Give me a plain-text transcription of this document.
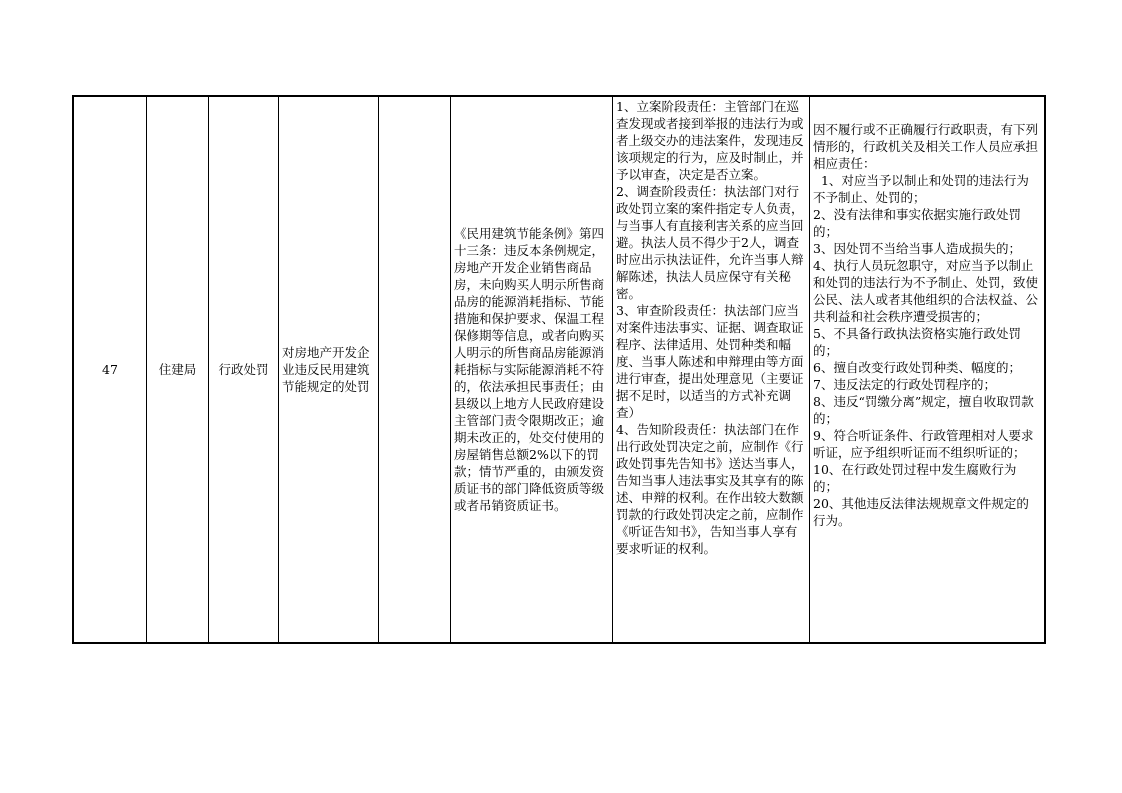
47	住建局 行政处罚
对房地产开发企业违反民用建筑节能规定的处罚
《民用建筑节能条例》第四十三条：违反本条例规定，房地产开发企业销售商品房，未向购买人明示所售商品房的能源消耗指标、节能措施和保护要求、保温工程保修期等信息，或者向购买人明示的所售商品房能源消耗指标与实际能源消耗不符的，依法承担民事责任；由县级以上地方人民政府建设主管部门责令限期改正；逾期未改正的，处交付使用的房屋销售总额2%以下的罚款；情节严重的，由颁发资质证书的部门降低资质等级或者吊销资质证书。
1、立案阶段责任：主管部门在巡查发现或者接到举报的违法行为或者上级交办的违法案件，发现违反该项规定的行为，应及时制止，并予以审查，决定是否立案。
2、调查阶段责任：执法部门对行政处罚立案的案件指定专人负责，与当事人有直接利害关系的应当回避。执法人员不得少于2人，调查时应出示执法证件，允许当事人辩解陈述，执法人员应保守有关秘密。
3、审查阶段责任：执法部门应当对案件违法事实、证据、调查取证程序、法律适用、处罚种类和幅度、当事人陈述和申辩理由等方面进行审查，提出处理意见（主要证据不足时，以适当的方式补充调查）
4、告知阶段责任：执法部门在作出行政处罚决定之前，应制作《行政处罚事先告知书》送达当事人，告知当事人违法事实及其享有的陈述、申辩的权利。在作出较大数额罚款的行政处罚决定之前，应制作《听证告知书》，告知当事人享有要求听证的权利。
因不履行或不正确履行行政职责，有下列情形的，行政机关及相关工作人员应承担相应责任：
1、对应当予以制止和处罚的违法行为不予制止、处罚的；
2、没有法律和事实依据实施行政处罚的；
3、因处罚不当给当事人造成损失的；
4、执行人员玩忽职守，对应当予以制止和处罚的违法行为不予制止、处罚，致使公民、法人或者其他组织的合法权益、公共利益和社会秩序遭受损害的；
5、不具备行政执法资格实施行政处罚的；
6、擅自改变行政处罚种类、幅度的；
7、违反法定的行政处罚程序的；
8、违反“罚缴分离”规定，擅自收取罚款的；
9、符合听证条件、行政管理相对人要求听证，应予组织听证而不组织听证的；
10、在行政处罚过程中发生腐败行为的；
20、其他违反法律法规规章文件规定的行为。
